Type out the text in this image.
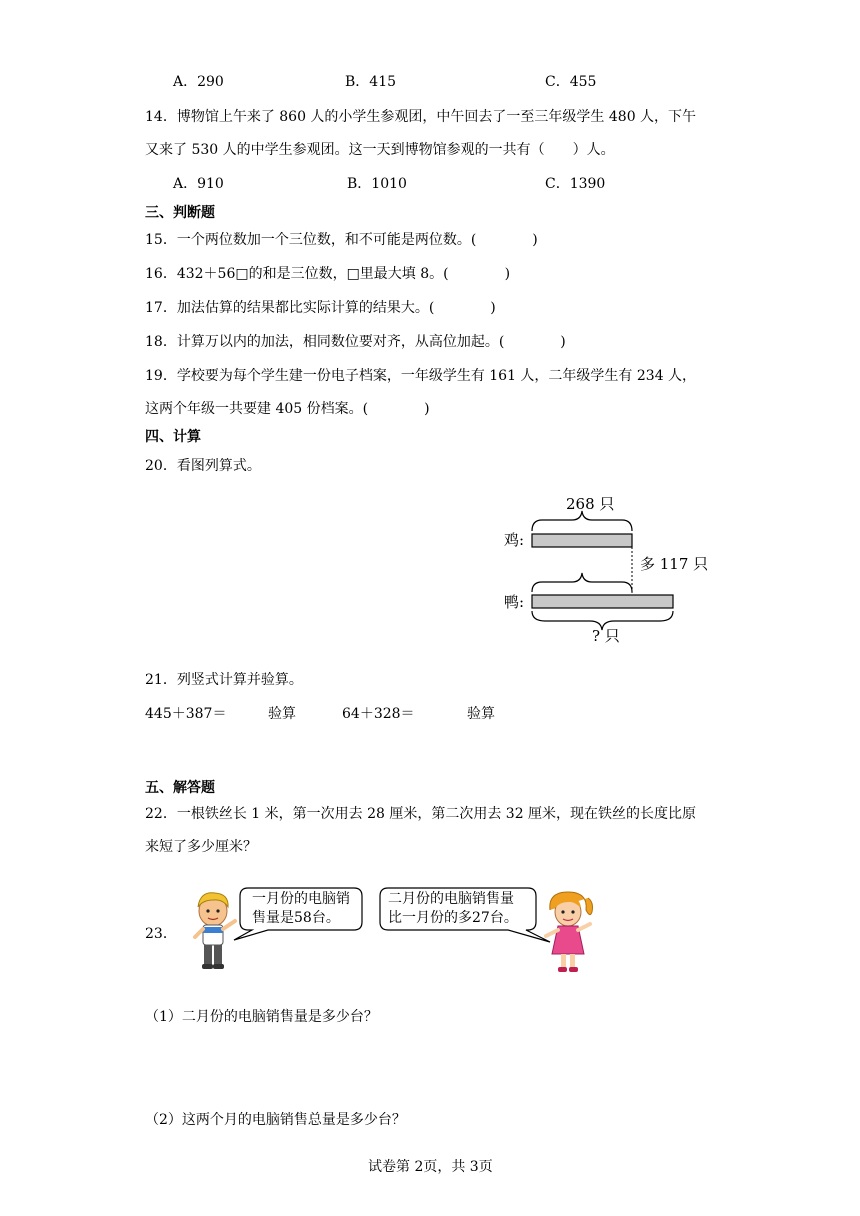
A．290	B．415	C．455
14．博物馆上午来了 860 人的小学生参观团，中午回去了一至三年级学生 480 人，下午
又来了 530 人的中学生参观团。这一天到博物馆参观的一共有（　　）人。
A．910	B．1010	C．1390
三、判断题
15．一个两位数加一个三位数，和不可能是两位数。(　　　　)
16．432＋56□的和是三位数，□里最大填 8。(　　　　)
17．加法估算的结果都比实际计算的结果大。(　　　　)
18．计算万以内的加法，相同数位要对齐，从高位加起。(　　　　)
19．学校要为每个学生建一份电子档案，一年级学生有 161 人，二年级学生有 234 人，
这两个年级一共要建 405 份档案。(　　　　)
四、计算
20．看图列算式。
268 只
鸡:
多 117 只
鸭:
? 只
21．列竖式计算并验算。
445＋387＝	验算	64＋328＝	验算
五、解答题
22．一根铁丝长 1 米，第一次用去 28 厘米，第二次用去 32 厘米，现在铁丝的长度比原
来短了多少厘米？
23．
一月份的电脑销
售量是58台。
二月份的电脑销售量
比一月份的多27台。
（1）二月份的电脑销售量是多少台？
（2）这两个月的电脑销售总量是多少台？
试卷第 2页，共 3页
